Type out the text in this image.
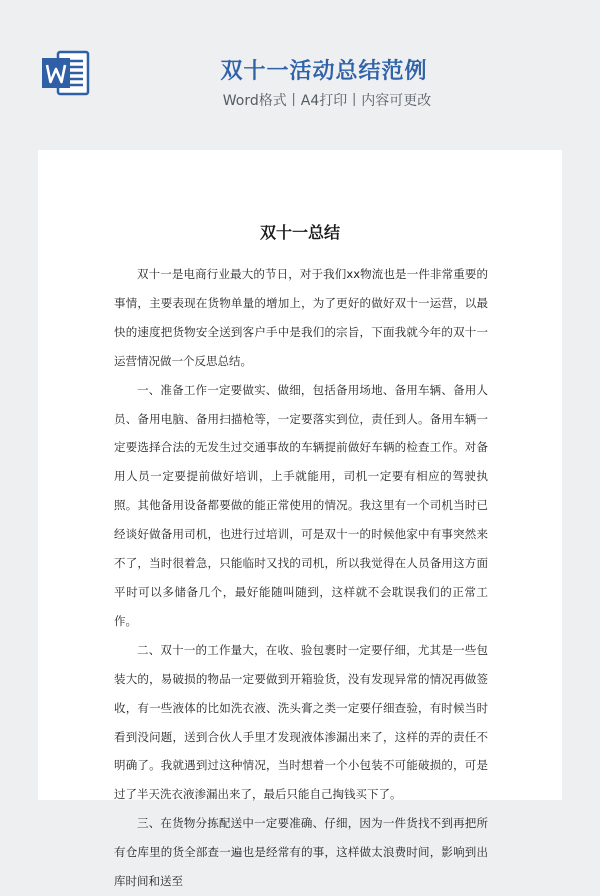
双十一活动总结范例
Word格式丨A4打印丨内容可更改
双十一总结

双十一是电商行业最大的节日，对于我们xx物流也是一件非常重要的事情，主要表现在货物单量的增加上，为了更好的做好双十一运营，以最快的速度把货物安全送到客户手中是我们的宗旨，下面我就今年的双十一运营情况做一个反思总结。

一、准备工作一定要做实、做细，包括备用场地、备用车辆、备用人员、备用电脑、备用扫描枪等，一定要落实到位，责任到人。备用车辆一定要选择合法的无发生过交通事故的车辆提前做好车辆的检查工作。对备用人员一定要提前做好培训，上手就能用，司机一定要有相应的驾驶执照。其他备用设备都要做的能正常使用的情况。我这里有一个司机当时已经谈好做备用司机，也进行过培训，可是双十一的时候他家中有事突然来不了，当时很着急，只能临时又找的司机，所以我觉得在人员备用这方面平时可以多储备几个，最好能随叫随到，这样就不会耽误我们的正常工作。

二、双十一的工作量大，在收、验包裹时一定要仔细，尤其是一些包装大的，易破损的物品一定要做到开箱验货，没有发现异常的情况再做签收，有一些液体的比如洗衣液、洗头膏之类一定要仔细查验，有时候当时看到没问题，送到合伙人手里才发现液体渗漏出来了，这样的弄的责任不明确了。我就遇到过这种情况，当时想着一个小包装不可能破损的，可是过了半天洗衣液渗漏出来了，最后只能自己掏钱买下了。

三、在货物分拣配送中一定要准确、仔细，因为一件货找不到再把所有仓库里的货全部查一遍也是经常有的事，这样做太浪费时间，影响到出库时间和送至
